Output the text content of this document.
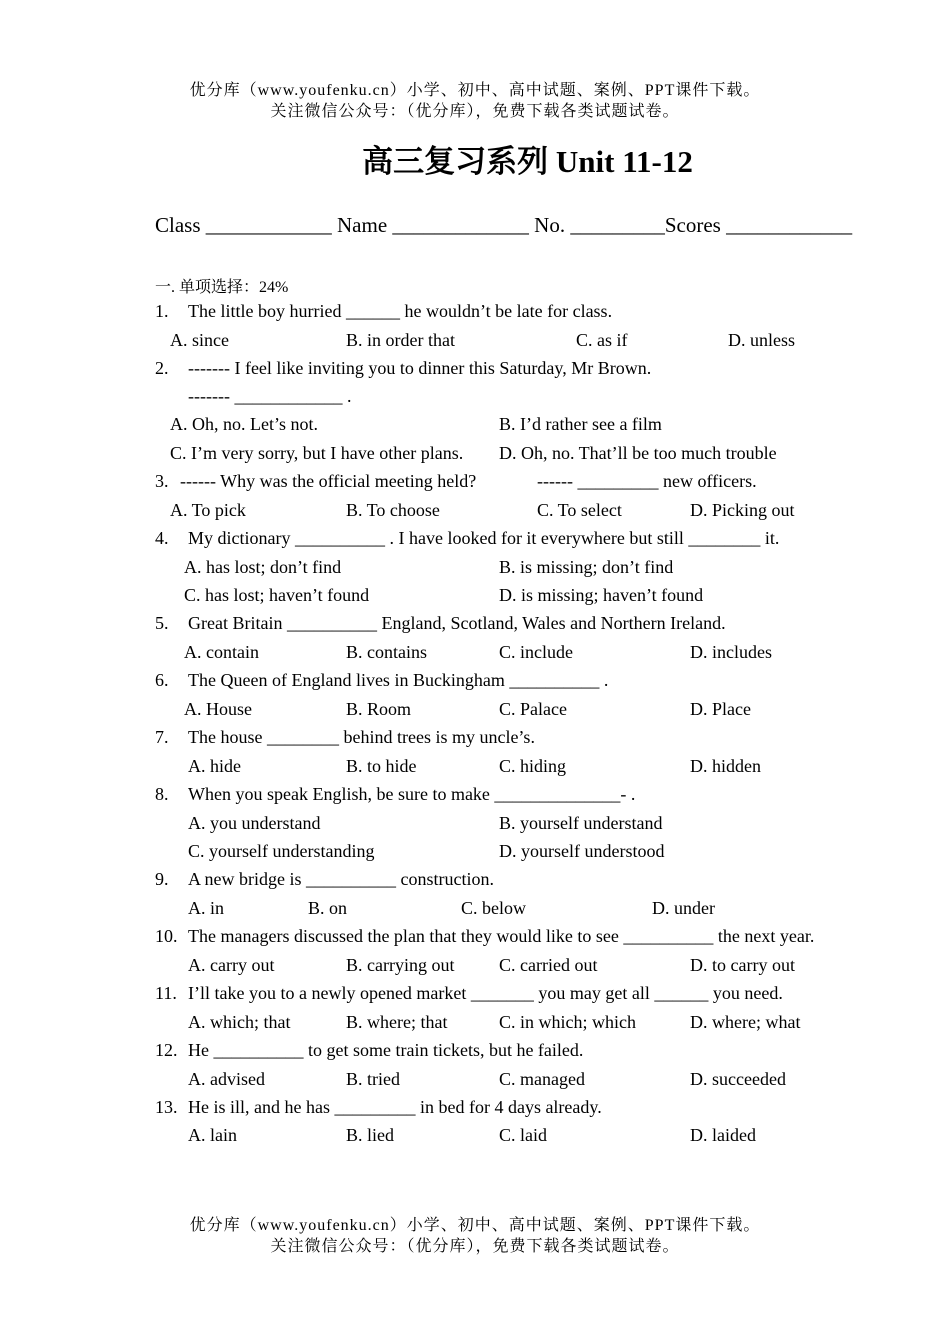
优分库（www.youfenku.cn）小学、初中、高中试题、案例、PPT课件下载。
关注微信公众号：（优分库），免费下载各类试题试卷。
高三复习系列 Unit 11-12
Class ____________ Name _____________ No. _________Scores ____________
一. 单项选择：24%
1. The little boy hurried ______ he wouldn’t be late for class.
A. since	B. in order that	C. as if	D. unless
2. ------- I feel like inviting you to dinner this Saturday, Mr Brown.
------- ____________ .
A. Oh, no. Let’s not.	B. I’d rather see a film
C. I’m very sorry, but I have other plans. D. Oh, no. That’ll be too much trouble
3. ------ Why was the official meeting held?	------ _________ new officers.
A. To pick	B. To choose	C. To select	D. Picking out
4. My dictionary __________ . I have looked for it everywhere but still ________ it.
A. has lost; don’t find	B. is missing; don’t find
C. has lost; haven’t found	D. is missing; haven’t found
5. Great Britain __________ England, Scotland, Wales and Northern Ireland.
A. contain	B. contains	C. include	D. includes
6. The Queen of England lives in Buckingham __________ .
A. House	B. Room	C. Palace	D. Place
7. The house ________ behind trees is my uncle’s.
A. hide	B. to hide	C. hiding	D. hidden
8. When you speak English, be sure to make ______________- .
A. you understand	B. yourself understand
C. yourself understanding	D. yourself understood
9. A new bridge is __________ construction.
A. in	B. on	C. below	D. under
10. The managers discussed the plan that they would like to see __________ the next year.
A. carry out	B. carrying out C. carried out	D. to carry out
11. I’ll take you to a newly opened market _______ you may get all ______ you need.
A. which; that	B. where; that	C. in which; which	D. where; what
12. He __________ to get some train tickets, but he failed.
A. advised	B. tried	C. managed	D. succeeded
13. He is ill, and he has _________ in bed for 4 days already.
A. lain	B. lied	C. laid	D. laided
优分库（www.youfenku.cn）小学、初中、高中试题、案例、PPT课件下载。
关注微信公众号：（优分库），免费下载各类试题试卷。
